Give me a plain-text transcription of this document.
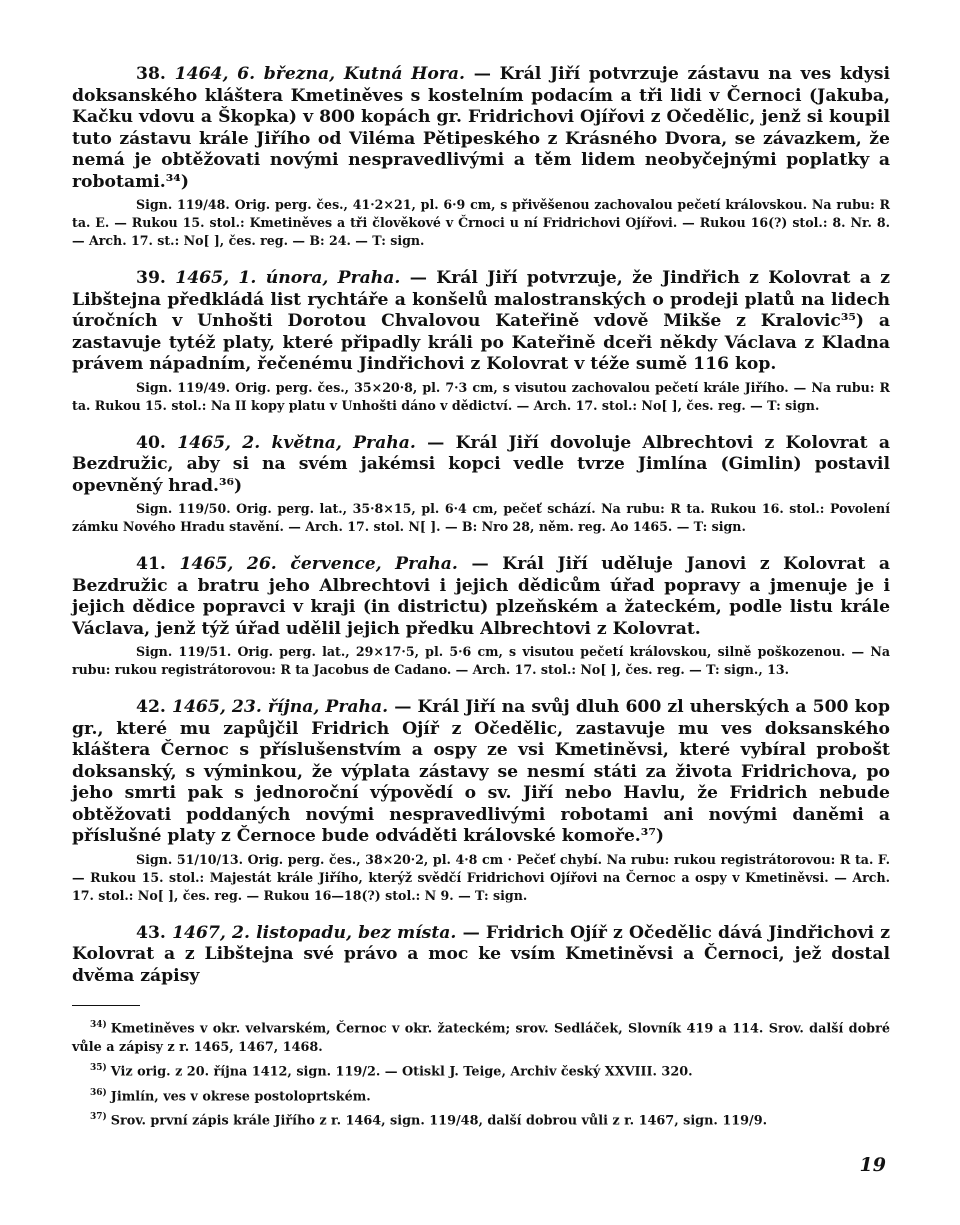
38. 1464, 6. března, Kutná Hora. — Král Jiří potvrzuje zástavu na ves kdysi doksanského kláštera Kmetiněves s kostelním podacím a tři lidi v Černoci (Jakuba, Kačku vdovu a Škopka) v 800 kopách gr. Fridrichovi Ojířovi z Očedělic, jenž si koupil tuto zástavu krále Jiřího od Viléma Pětipeského z Krásného Dvora, se závazkem, že nemá je obtěžovati novými nespravedlivými a těm lidem neobyčejnými poplatky a robotami.³⁴)

Sign. 119/48. Orig. perg. čes., 41·2×21, pl. 6·9 cm, s přivěšenou zachovalou pečetí královskou. Na rubu: R ta. E. — Rukou 15. stol.: Kmetiněves a tři člověkové v Črnoci u ní Fridrichovi Ojířovi. — Rukou 16(?) stol.: 8. Nr. 8. — Arch. 17. st.: No[ ], čes. reg. — B: 24. — T: sign.

39. 1465, 1. února, Praha. — Král Jiří potvrzuje, že Jindřich z Kolovrat a z Libštejna předkládá list rychtáře a konšelů malostranských o prodeji platů na lidech úročních v Unhošti Dorotou Chvalovou Kateřině vdově Mikše z Kralovic³⁵) a zastavuje tytéž platy, které připadly králi po Kateřině dceři někdy Václava z Kladna právem nápadním, řečenému Jindřichovi z Kolovrat v téže sumě 116 kop.

Sign. 119/49. Orig. perg. čes., 35×20·8, pl. 7·3 cm, s visutou zachovalou pečetí krále Jiřího. — Na rubu: R ta. Rukou 15. stol.: Na II kopy platu v Unhošti dáno v dědictví. — Arch. 17. stol.: No[ ], čes. reg. — T: sign.

40. 1465, 2. května, Praha. — Král Jiří dovoluje Albrechtovi z Kolovrat a Bezdružic, aby si na svém jakémsi kopci vedle tvrze Jimlína (Gimlin) postavil opevněný hrad.³⁶)

Sign. 119/50. Orig. perg. lat., 35·8×15, pl. 6·4 cm, pečeť schází. Na rubu: R ta. Rukou 16. stol.: Povolení zámku Nového Hradu stavění. — Arch. 17. stol. N[ ]. — B: Nro 28, něm. reg. Ao 1465. — T: sign.

41. 1465, 26. července, Praha. — Král Jiří uděluje Janovi z Kolovrat a Bezdružic a bratru jeho Albrechtovi i jejich dědicům úřad popravy a jmenuje je i jejich dědice popravci v kraji (in districtu) plzeňském a žateckém, podle listu krále Václava, jenž týž úřad udělil jejich předku Albrechtovi z Kolovrat.

Sign. 119/51. Orig. perg. lat., 29×17·5, pl. 5·6 cm, s visutou pečetí královskou, silně poškozenou. — Na rubu: rukou registrátorovou: R ta Jacobus de Cadano. — Arch. 17. stol.: No[ ], čes. reg. — T: sign., 13.

42. 1465, 23. října, Praha. — Král Jiří na svůj dluh 600 zl uherských a 500 kop gr., které mu zapůjčil Fridrich Ojíř z Očedělic, zastavuje mu ves doksanského kláštera Černoc s příslušenstvím a ospy ze vsi Kmetiněvsi, které vybíral probošt doksanský, s výminkou, že výplata zástavy se nesmí státi za života Fridrichova, po jeho smrti pak s jednoroční výpovědí o sv. Jiří nebo Havlu, že Fridrich nebude obtěžovati poddaných novými nespravedlivými robotami ani novými daněmi a příslušné platy z Černoce bude odváděti královské komoře.³⁷)

Sign. 51/10/13. Orig. perg. čes., 38×20·2, pl. 4·8 cm · Pečeť chybí. Na rubu: rukou registrátorovou: R ta. F. — Rukou 15. stol.: Majestát krále Jiřího, kterýž svědčí Fridrichovi Ojířovi na Černoc a ospy v Kmetiněvsi. — Arch. 17. stol.: No[ ], čes. reg. — Rukou 16—18(?) stol.: N 9. — T: sign.

43. 1467, 2. listopadu, bez místa. — Fridrich Ojíř z Očedělic dává Jindřichovi z Kolovrat a z Libštejna své právo a moc ke vsím Kmetiněvsi a Černoci, jež dostal dvěma zápisy

$^{34)}$ Kmetiněves v okr. velvarském, Černoc v okr. žateckém; srov. Sedláček, Slovník 419 a 114. Srov. další dobré vůle a zápisy z r. 1465, 1467, 1468.

$^{35)}$ Viz orig. z 20. října 1412, sign. 119/2. — Otiskl J. Teige, Archiv český XXVIII. 320.

$^{36)}$ Jimlín, ves v okrese postoloprtském.

$^{37)}$ Srov. první zápis krále Jiřího z r. 1464, sign. 119/48, další dobrou vůli z r. 1467, sign. 119/9.

19
